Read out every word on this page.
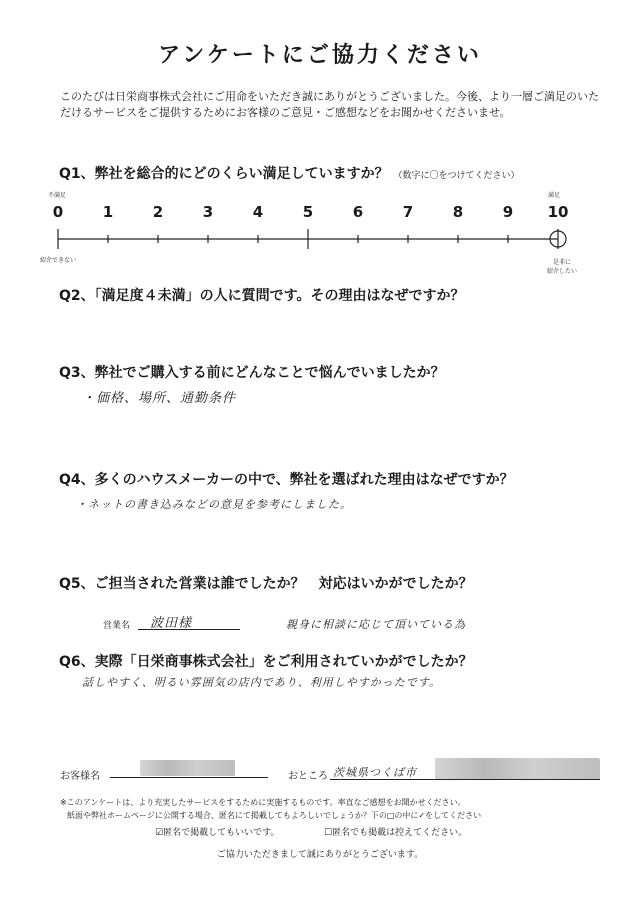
アンケートにご協力ください
このたびは日栄商事株式会社にご用命をいただき誠にありがとうございました。今後、より一層ご満足のいただけるサービスをご提供するためにお客様のご意見・ご感想などをお聞かせくださいませ。
Q1、弊社を総合的にどのくらい満足していますか？ （数字に〇をつけてください）
不満足	満足
0	1	2	3	4	5	6	7	8	9	10
紹介できない	是非に
紹介したい
Q2、「満足度４未満」の人に質問です。その理由はなぜですか？
Q3、弊社でご購入する前にどんなことで悩んでいましたか？
・価格、場所、通勤条件
Q4、多くのハウスメーカーの中で、弊社を選ばれた理由はなぜですか？
・ネットの書き込みなどの意見を参考にしました。
Q5、ご担当された営業は誰でしたか？　対応はいかがでしたか？
営業名 波田様	親身に相談に応じて頂いている為
Q6、実際「日栄商事株式会社」をご利用されていかがでしたか？
話しやすく、明るい雰囲気の店内であり、利用しやすかったです。
お客様名	おところ 茨城県つくば市
※このアンケートは、より充実したサービスをするために実施するものです。率直なご感想をお聞かせください。
紙面や弊社ホームページに公開する場合、匿名にて掲載してもよろしいでしょうか？下の□の中に✓をしてください
☑匿名で掲載してもいいです。	☐匿名でも掲載は控えてください。
ご協力いただきまして誠にありがとうございます。
